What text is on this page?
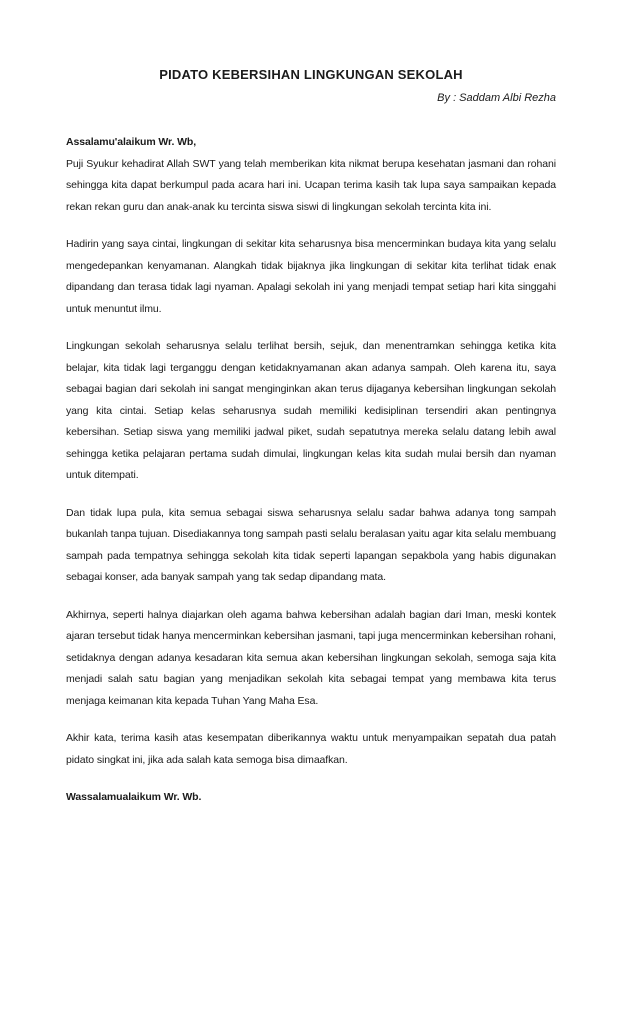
PIDATO KEBERSIHAN LINGKUNGAN SEKOLAH
By : Saddam Albi Rezha

Assalamu'alaikum Wr. Wb,

Puji Syukur kehadirat Allah SWT yang telah memberikan kita nikmat berupa kesehatan jasmani dan rohani sehingga kita dapat berkumpul pada acara hari ini. Ucapan terima kasih tak lupa saya sampaikan kepada rekan rekan guru dan anak-anak ku tercinta siswa siswi di lingkungan sekolah tercinta kita ini.

Hadirin yang saya cintai, lingkungan di sekitar kita seharusnya bisa mencerminkan budaya kita yang selalu mengedepankan kenyamanan. Alangkah tidak bijaknya jika lingkungan di sekitar kita terlihat tidak enak dipandang dan terasa tidak lagi nyaman. Apalagi sekolah ini yang menjadi tempat setiap hari kita singgahi untuk menuntut ilmu.

Lingkungan sekolah seharusnya selalu terlihat bersih, sejuk, dan menentramkan sehingga ketika kita belajar, kita tidak lagi terganggu dengan ketidaknyamanan akan adanya sampah. Oleh karena itu, saya sebagai bagian dari sekolah ini sangat menginginkan akan terus dijaganya kebersihan lingkungan sekolah yang kita cintai. Setiap kelas seharusnya sudah memiliki kedisiplinan tersendiri akan pentingnya kebersihan. Setiap siswa yang memiliki jadwal piket, sudah sepatutnya mereka selalu datang lebih awal sehingga ketika pelajaran pertama sudah dimulai, lingkungan kelas kita sudah mulai bersih dan nyaman untuk ditempati.

Dan tidak lupa pula, kita semua sebagai siswa seharusnya selalu sadar bahwa adanya tong sampah bukanlah tanpa tujuan. Disediakannya tong sampah pasti selalu beralasan yaitu agar kita selalu membuang sampah pada tempatnya sehingga sekolah kita tidak seperti lapangan sepakbola yang habis digunakan sebagai konser, ada banyak sampah yang tak sedap dipandang mata.

Akhirnya, seperti halnya diajarkan oleh agama bahwa kebersihan adalah bagian dari Iman, meski kontek ajaran tersebut tidak hanya mencerminkan kebersihan jasmani, tapi juga mencerminkan kebersihan rohani, setidaknya dengan adanya kesadaran kita semua akan kebersihan lingkungan sekolah, semoga saja kita menjadi salah satu bagian yang menjadikan sekolah kita sebagai tempat yang membawa kita terus menjaga keimanan kita kepada Tuhan Yang Maha Esa.

Akhir kata, terima kasih atas kesempatan diberikannya waktu untuk menyampaikan sepatah dua patah pidato singkat ini, jika ada salah kata semoga bisa dimaafkan.

Wassalamualaikum Wr. Wb.
